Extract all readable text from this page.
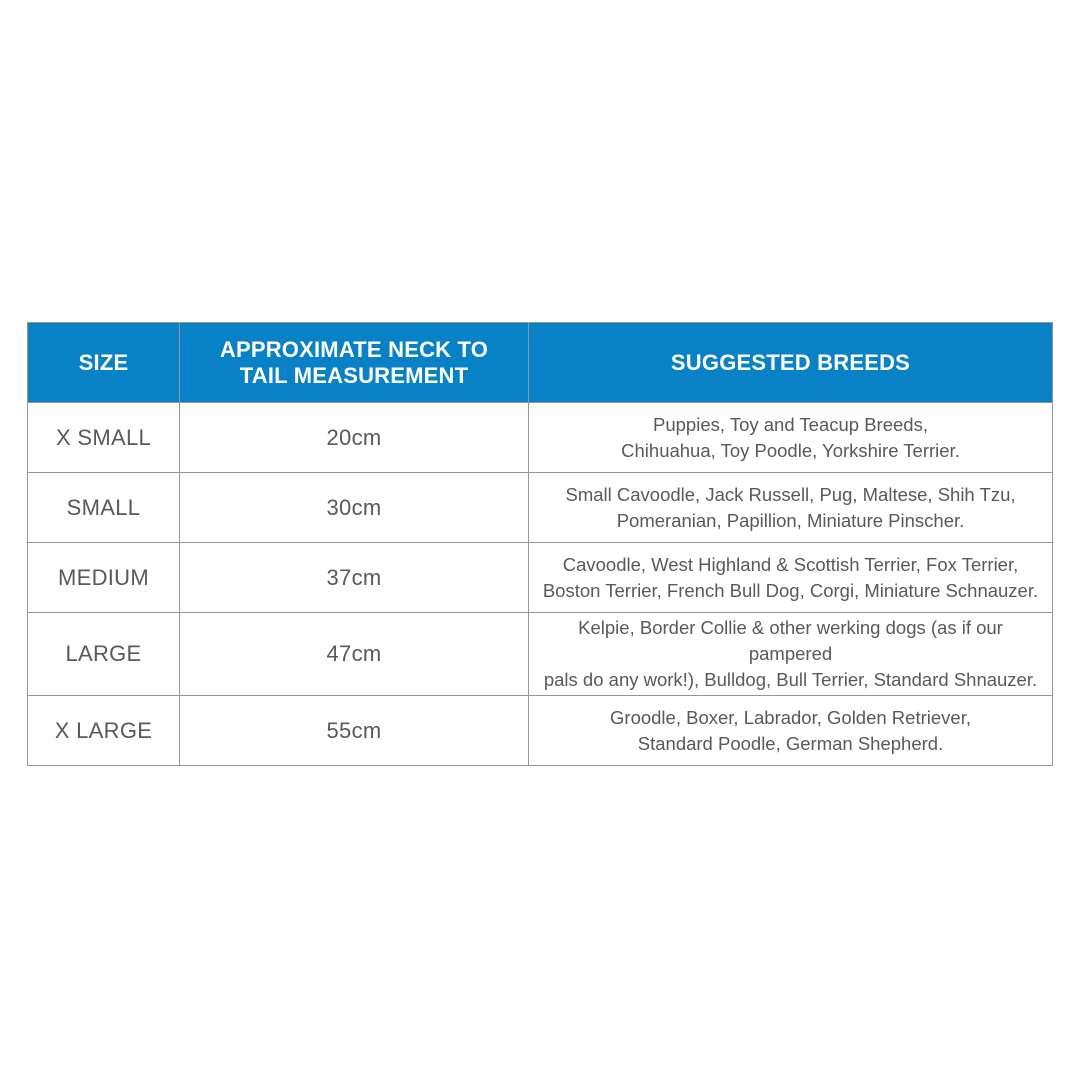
SIZE	APPROXIMATE NECK TO TAIL MEASUREMENT	SUGGESTED BREEDS
X SMALL	20cm	Puppies, Toy and Teacup Breeds,
Chihuahua, Toy Poodle, Yorkshire Terrier.

SMALL	30cm	Small Cavoodle, Jack Russell, Pug, Maltese, Shih Tzu,
Pomeranian, Papillion, Miniature Pinscher.

MEDIUM	37cm	Cavoodle, West Highland & Scottish Terrier, Fox Terrier,
Boston Terrier, French Bull Dog, Corgi, Miniature Schnauzer.

LARGE	47cm	Kelpie, Border Collie & other werking dogs (as if our pampered
pals do any work!), Bulldog, Bull Terrier, Standard Shnauzer.

X LARGE	55cm	Groodle, Boxer, Labrador, Golden Retriever,
Standard Poodle, German Shepherd.
